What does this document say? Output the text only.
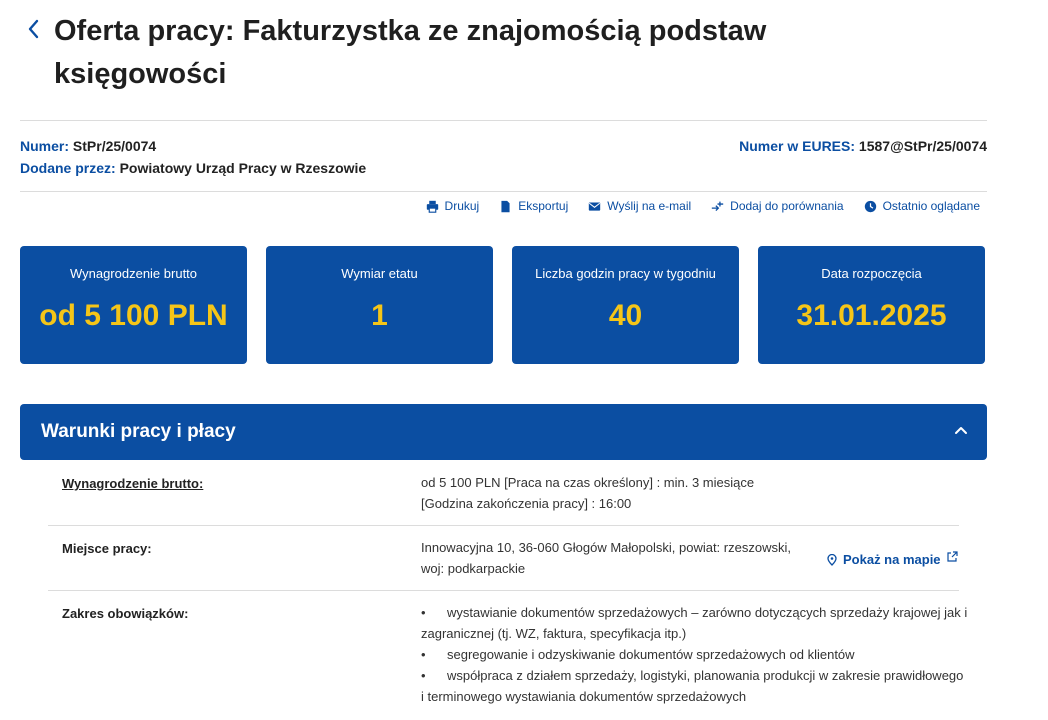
Oferta pracy: Fakturzystka ze znajomością podstaw księgowości
Numer: StPr/25/0074
Dodane przez: Powiatowy Urząd Pracy w Rzeszowie
Numer w EURES: 1587@StPr/25/0074
Drukuj	Eksportuj	Wyślij na e-mail	Dodaj do porównania	Ostatnio oglądane
Wynagrodzenie brutto
od 5 100 PLN
Wymiar etatu
1
Liczba godzin pracy w tygodniu
40
Data rozpoczęcia
31.01.2025
Warunki pracy i płacy
Wynagrodzenie brutto:	od 5 100 PLN [Praca na czas określony] : min. 3 miesiące
[Godzina zakończenia pracy] : 16:00
Miejsce pracy:	Innowacyjna 10, 36-060 Głogów Małopolski, powiat: rzeszowski,
woj: podkarpackie
Pokaż na mapie
Zakres obowiązków:	•	wystawianie dokumentów sprzedażowych – zarówno dotyczących sprzedaży krajowej jak i
zagranicznej (tj. WZ, faktura, specyfikacja itp.)
•	segregowanie i odzyskiwanie dokumentów sprzedażowych od klientów
•	współpraca z działem sprzedaży, logistyki, planowania produkcji w zakresie prawidłowego
i terminowego wystawiania dokumentów sprzedażowych
